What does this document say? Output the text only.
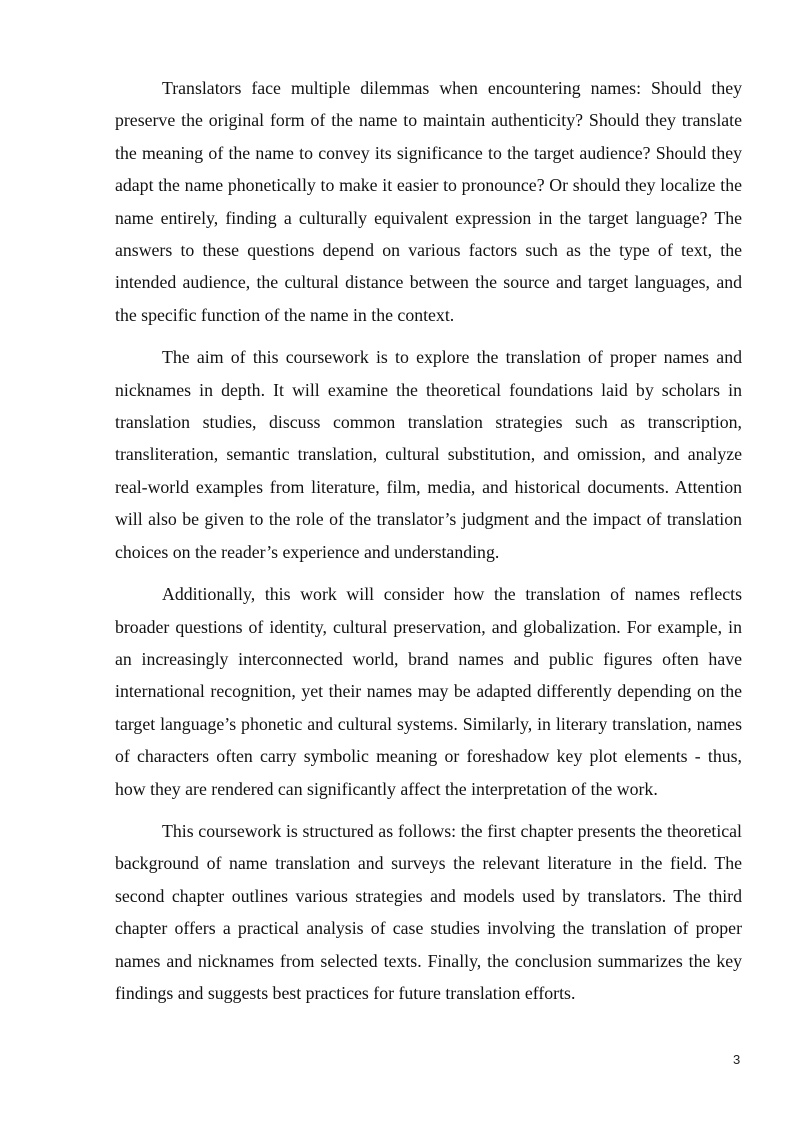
Translators face multiple dilemmas when encountering names: Should they preserve the original form of the name to maintain authenticity? Should they translate the meaning of the name to convey its significance to the target audience? Should they adapt the name phonetically to make it easier to pronounce? Or should they localize the name entirely, finding a culturally equivalent expression in the target language? The answers to these questions depend on various factors such as the type of text, the intended audience, the cultural distance between the source and target languages, and the specific function of the name in the context.

The aim of this coursework is to explore the translation of proper names and nicknames in depth. It will examine the theoretical foundations laid by scholars in translation studies, discuss common translation strategies such as transcription, transliteration, semantic translation, cultural substitution, and omission, and analyze real-world examples from literature, film, media, and historical documents. Attention will also be given to the role of the translator’s judgment and the impact of translation choices on the reader’s experience and understanding.

Additionally, this work will consider how the translation of names reflects broader questions of identity, cultural preservation, and globalization. For example, in an increasingly interconnected world, brand names and public figures often have international recognition, yet their names may be adapted differently depending on the target language’s phonetic and cultural systems. Similarly, in literary translation, names of characters often carry symbolic meaning or foreshadow key plot elements - thus, how they are rendered can significantly affect the interpretation of the work.

This coursework is structured as follows: the first chapter presents the theoretical background of name translation and surveys the relevant literature in the field. The second chapter outlines various strategies and models used by translators. The third chapter offers a practical analysis of case studies involving the translation of proper names and nicknames from selected texts. Finally, the conclusion summarizes the key findings and suggests best practices for future translation efforts.

3
